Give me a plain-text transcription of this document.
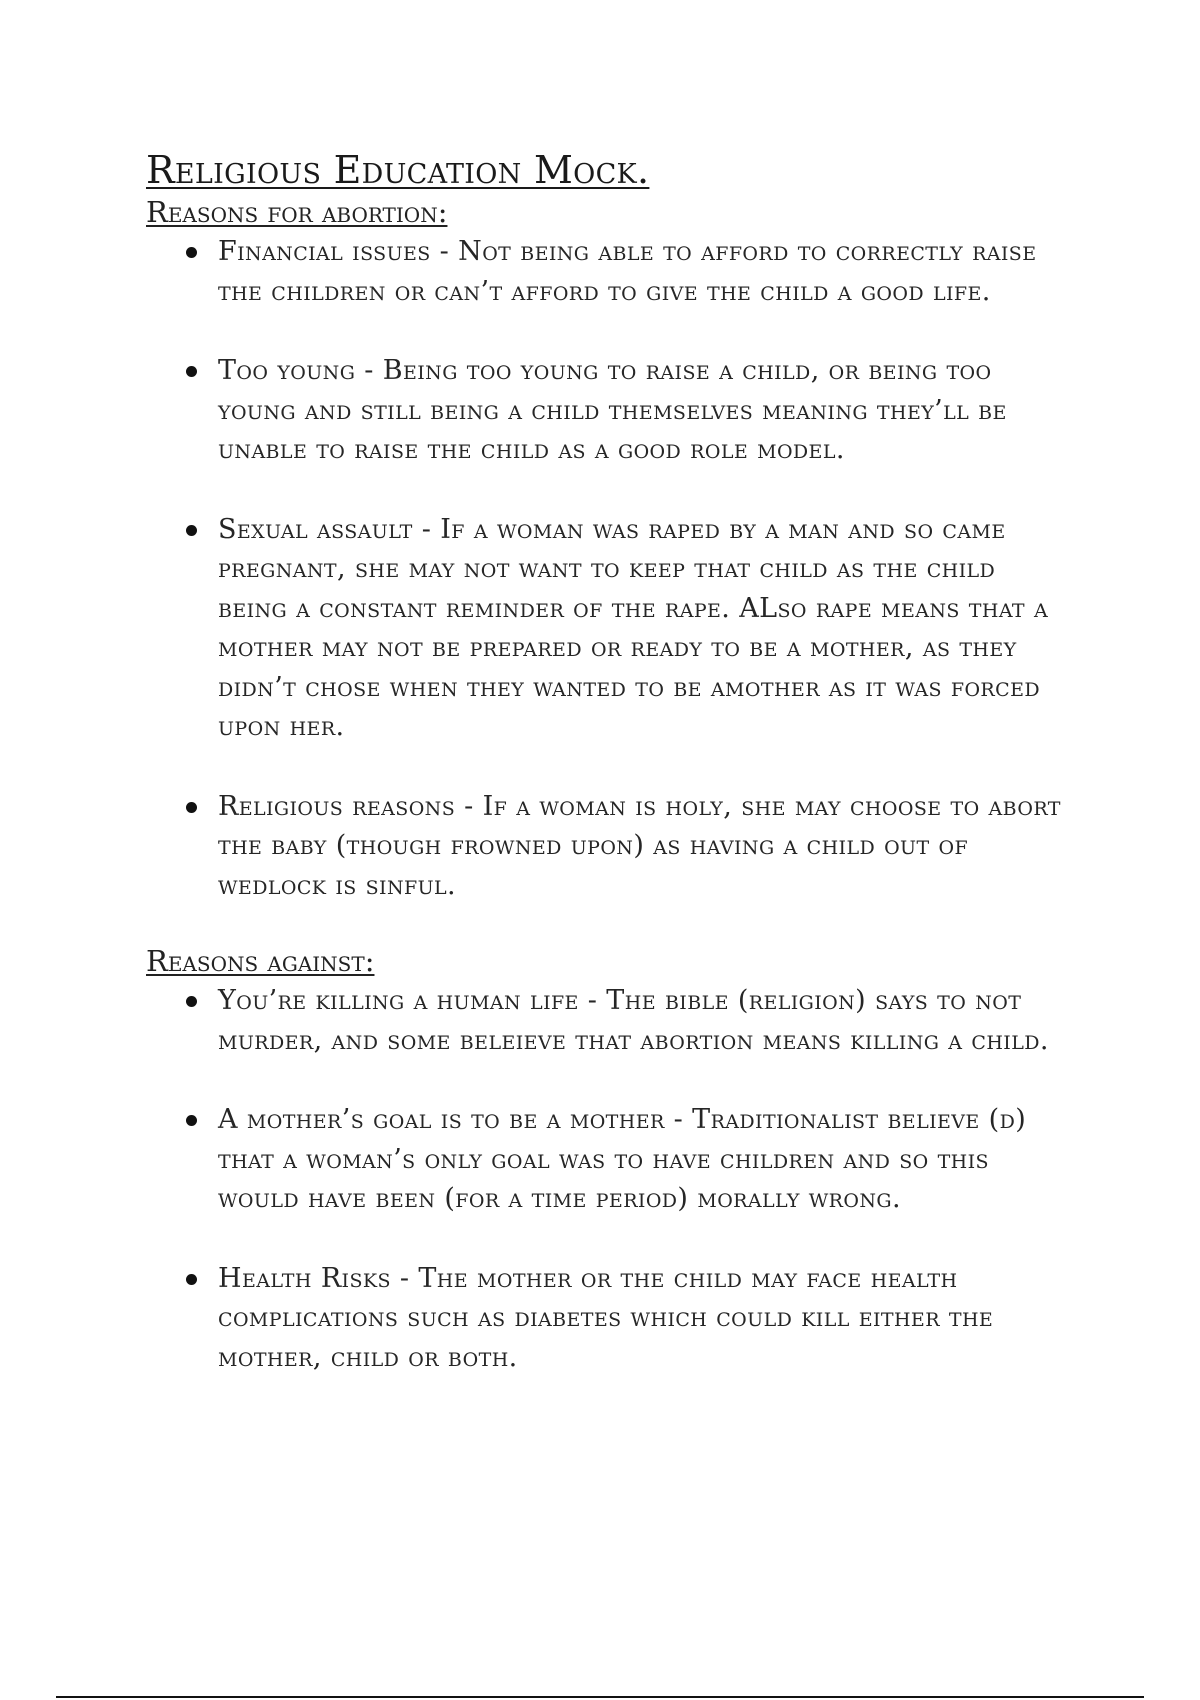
Religious Education Mock.
Reasons for abortion:
Financial issues - Not being able to afford to correctly raise the children or can’t afford to give the child a good life.
Too young - Being too young to raise a child, or being too young and still being a child themselves meaning they’ll be unable to raise the child as a good role model.
Sexual assault - If a woman was raped by a man and so came pregnant, she may not want to keep that child as the child being a constant reminder of the rape. ALso rape means that a mother may not be prepared or ready to be a mother, as they didn’t chose when they wanted to be amother as it was forced upon her.
Religious reasons - If a woman is holy, she may choose to abort the baby (though frowned upon) as having a child out of wedlock is sinful.
Reasons against:
You’re killing a human life - The bible (religion) says to not murder, and some beleieve that abortion means killing a child.
A mother’s goal is to be a mother - Traditionalist believe (d) that a woman’s only goal was to have children and so this would have been (for a time period) morally wrong.
Health Risks - The mother or the child may face health complications such as diabetes which could kill either the mother, child or both.
